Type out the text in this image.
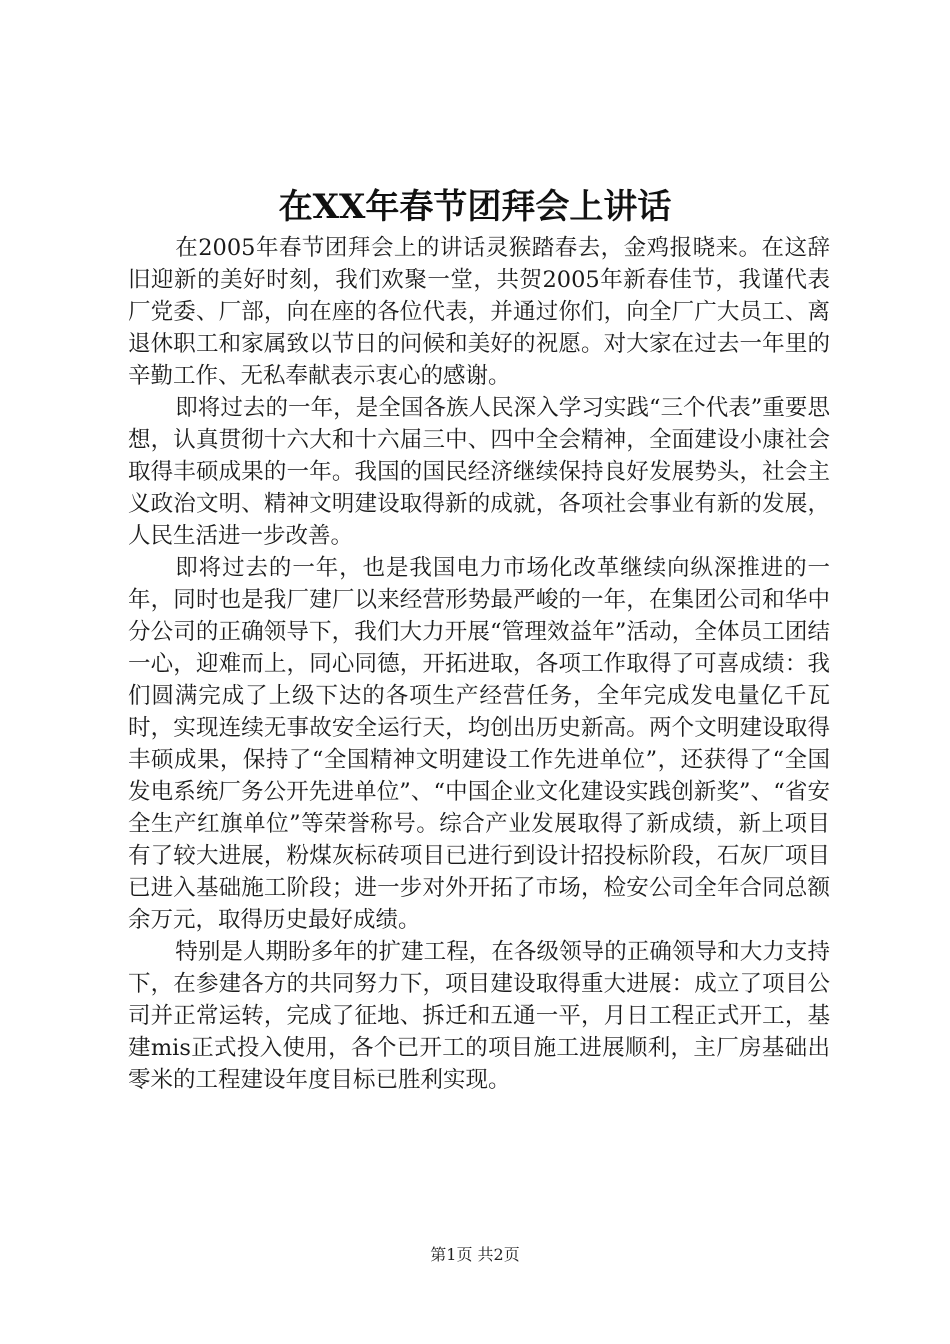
在XX年春节团拜会上讲话

在2005年春节团拜会上的讲话灵猴踏春去，金鸡报晓来。在这辞旧迎新的美好时刻，我们欢聚一堂，共贺2005年新春佳节，我谨代表厂党委、厂部，向在座的各位代表，并通过你们，向全厂广大员工、离退休职工和家属致以节日的问候和美好的祝愿。对大家在过去一年里的辛勤工作、无私奉献表示衷心的感谢。

即将过去的一年，是全国各族人民深入学习实践“三个代表”重要思想，认真贯彻十六大和十六届三中、四中全会精神，全面建设小康社会取得丰硕成果的一年。我国的国民经济继续保持良好发展势头，社会主义政治文明、精神文明建设取得新的成就，各项社会事业有新的发展，人民生活进一步改善。

即将过去的一年，也是我国电力市场化改革继续向纵深推进的一年，同时也是我厂建厂以来经营形势最严峻的一年，在集团公司和华中分公司的正确领导下，我们大力开展“管理效益年”活动，全体员工团结一心，迎难而上，同心同德，开拓进取，各项工作取得了可喜成绩：我们圆满完成了上级下达的各项生产经营任务，全年完成发电量亿千瓦时，实现连续无事故安全运行天，均创出历史新高。两个文明建设取得丰硕成果，保持了“全国精神文明建设工作先进单位”，还获得了“全国发电系统厂务公开先进单位”、“中国企业文化建设实践创新奖”、“省安全生产红旗单位”等荣誉称号。综合产业发展取得了新成绩，新上项目有了较大进展，粉煤灰标砖项目已进行到设计招投标阶段，石灰厂项目已进入基础施工阶段；进一步对外开拓了市场，检安公司全年合同总额余万元，取得历史最好成绩。

特别是人期盼多年的扩建工程，在各级领导的正确领导和大力支持下，在参建各方的共同努力下，项目建设取得重大进展：成立了项目公司并正常运转，完成了征地、拆迁和五通一平，月日工程正式开工，基建mis正式投入使用，各个已开工的项目施工进展顺利，主厂房基础出零米的工程建设年度目标已胜利实现。

第1页 共2页
